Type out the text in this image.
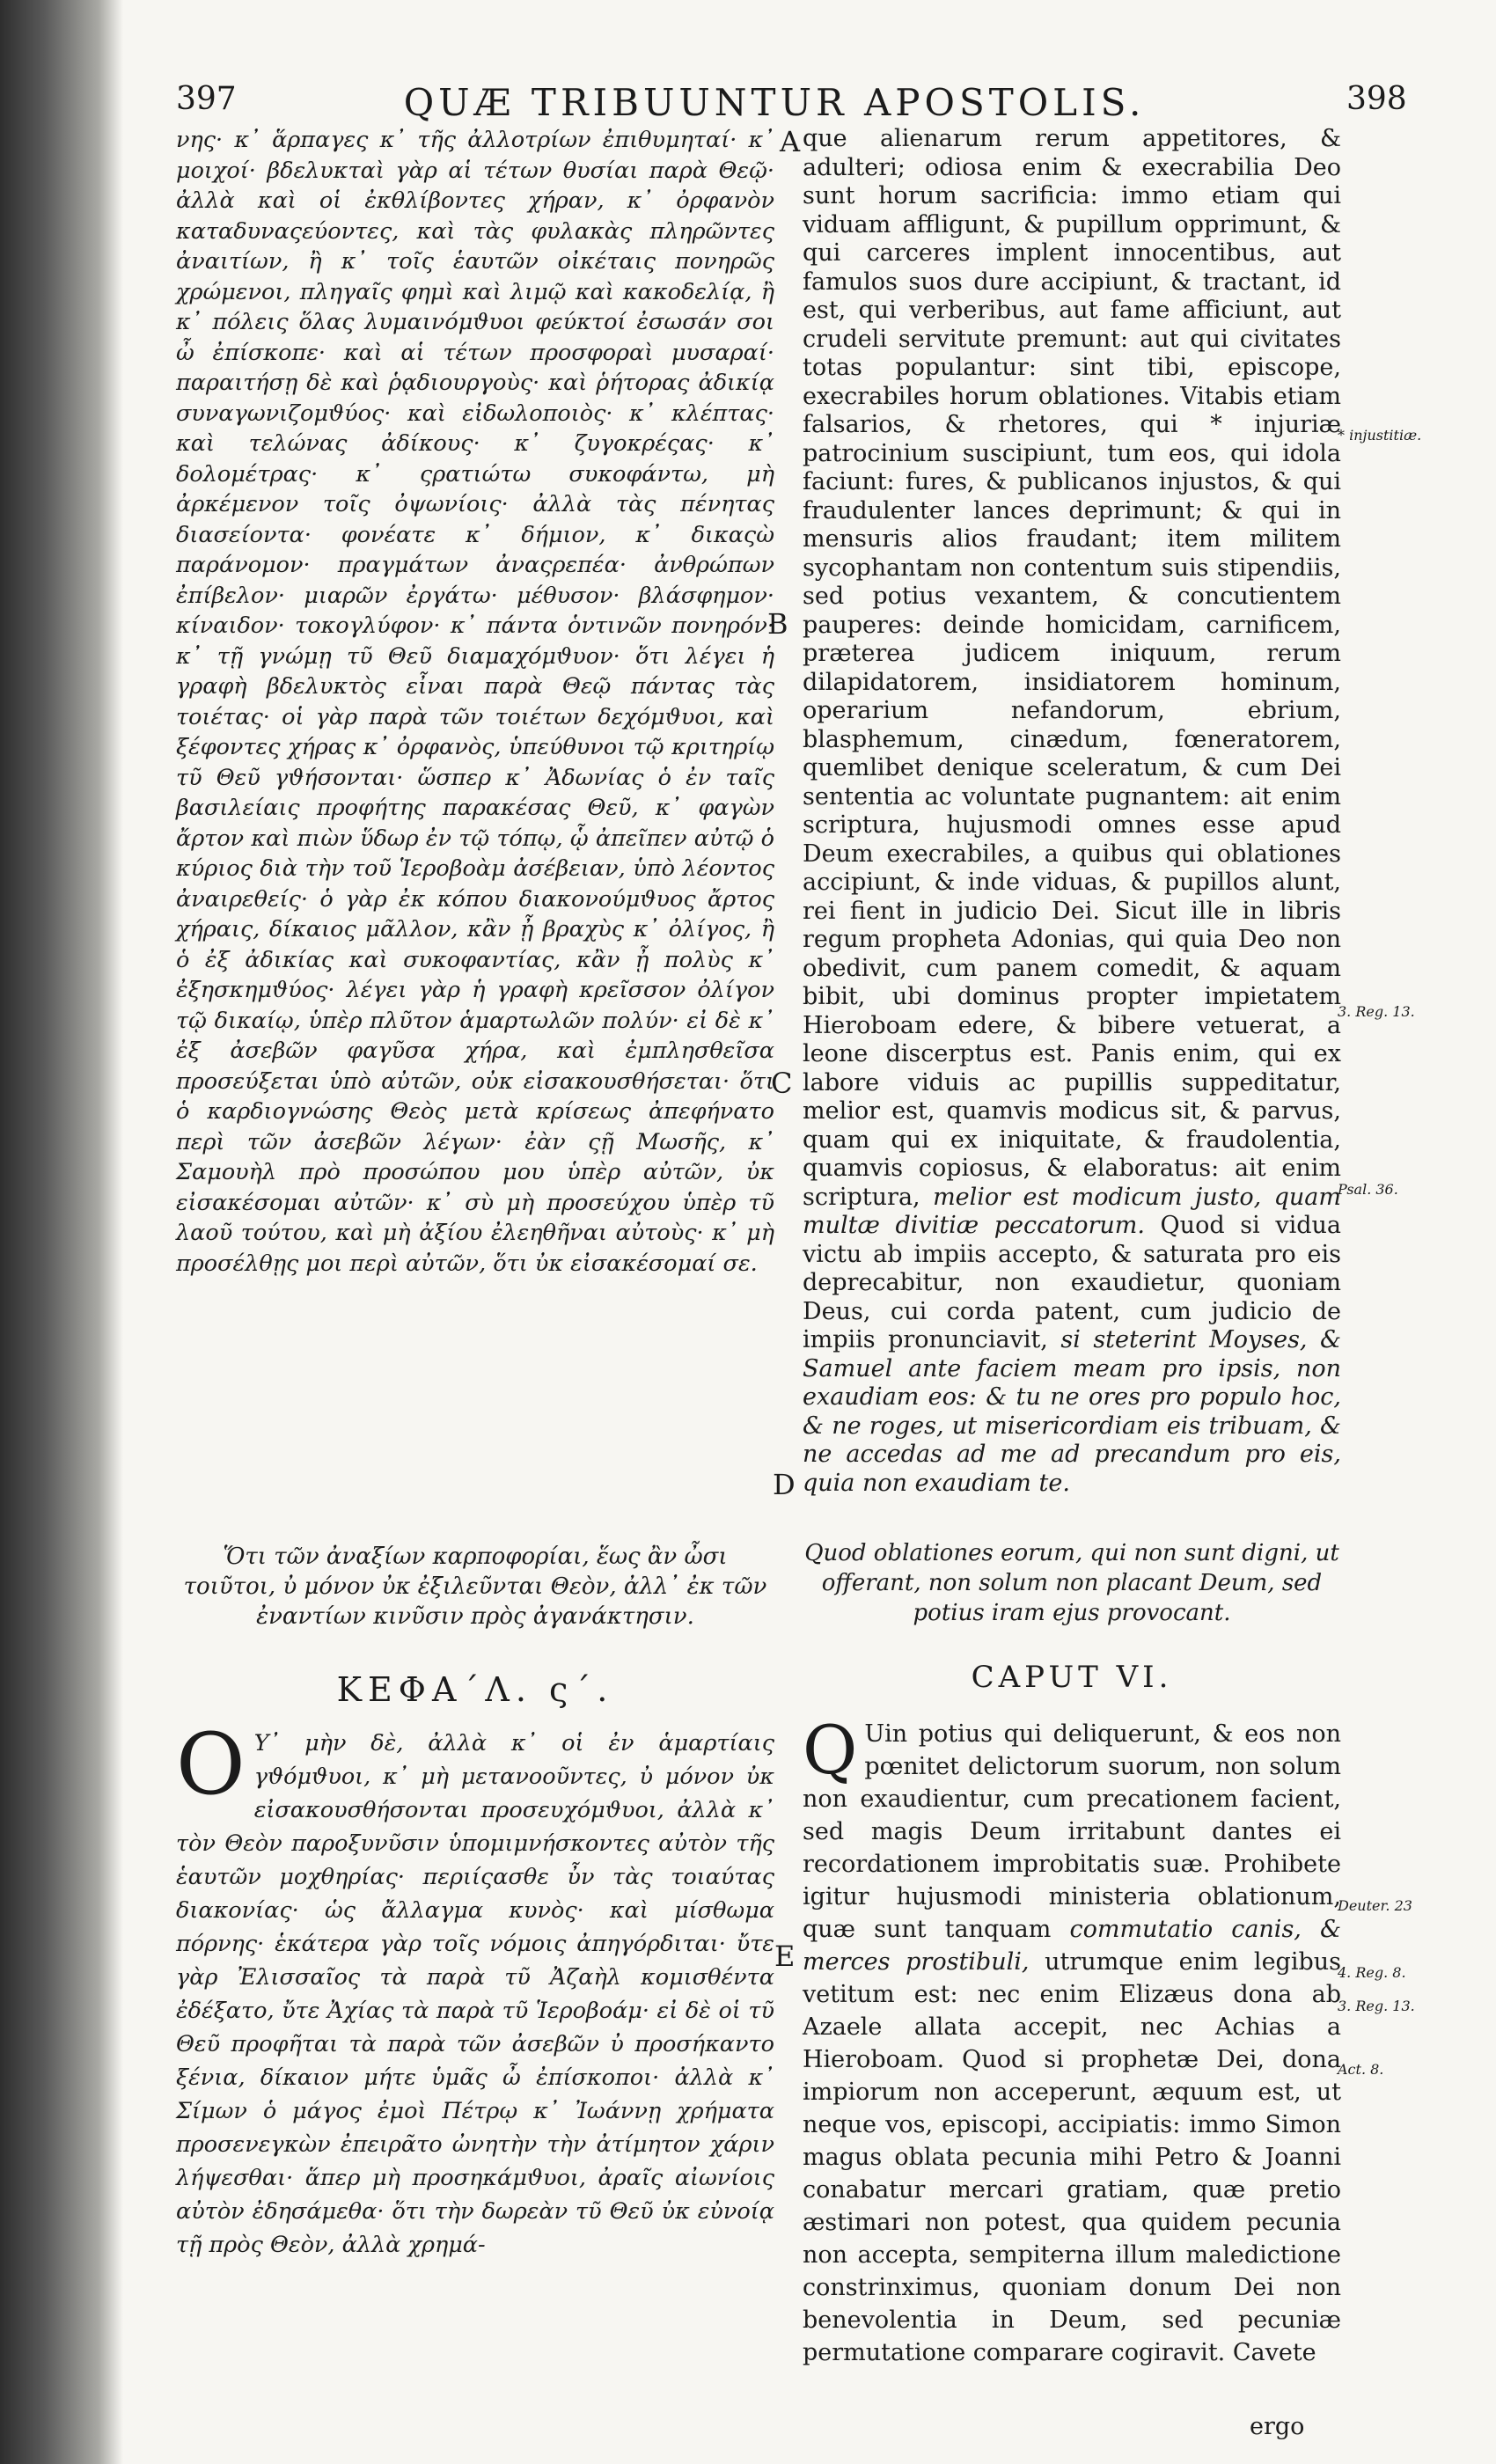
397	QUÆ TRIBUUNTUR APOSTOLIS.	398

νης· κ᾽ ἅρπαγες κ᾽ τῆς ἀλλοτρίων ἐπιθυμηταί· κ᾽ μοιχοί· βδελυκταὶ γὰρ αἱ τέτων θυσίαι παρὰ Θεῷ· ἀλλὰ καὶ οἱ ἐκθλίβοντες χήραν, κ᾽ ὀρφανὸν καταδυναςεύοντες, καὶ τὰς φυλακὰς πληρῶντες ἀναιτίων, ἢ κ᾽ τοῖς ἑαυτῶν οἰκέταις πονηρῶς χρώμενοι, πληγαῖς φημὶ καὶ λιμῷ καὶ κακοδελίᾳ, ἢ κ᾽ πόλεις ὅλας λυμαινόμϑυοι φεύκτοί ἐσωσάν σοι ὦ ἐπίσκοπε· καὶ αἱ τέτων προσφοραὶ μυσαραί· παραιτήσῃ δὲ καὶ ῥᾳδιουργοὺς· καὶ ῥήτορας ἀδικίᾳ συναγωνιζομϑύος· καὶ εἰδωλοποιὸς· κ᾽ κλέπτας· καὶ τελώνας ἀδίκους· κ᾽ ζυγοκρέςας· κ᾽ δολομέτρας· κ᾽ ςρατιώτω συκοφάντω, μὴ ἀρκέμενον τοῖς ὀψωνίοις· ἀλλὰ τὰς πένητας διασείοντα· φονέατε κ᾽ δήμιον, κ᾽ δικαςὼ παράνομον· πραγμάτων ἀναςρεπέα· ἀνθρώπων ἐπίβελον· μιαρῶν ἐργάτω· μέθυσον· βλάσφημον· κίναιδον· τοκογλύφον· κ᾽ πάντα ὁντινῶν πονηρόν· κ᾽ τῇ γνώμῃ τῦ Θεῦ διαμαχόμϑυον· ὅτι λέγει ἡ γραφὴ βδελυκτὸς εἶναι παρὰ Θεῷ πάντας τὰς τοιέτας· οἱ γὰρ παρὰ τῶν τοιέτων δεχόμϑυοι, καὶ ξέφοντες χήρας κ᾽ ὀρφανὸς, ὑπεύθυνοι τῷ κριτηρίῳ τῦ Θεῦ γϑήσονται· ὥσπερ κ᾽ Ἀδωνίας ὁ ἐν ταῖς βασιλείαις προφήτης παρακέσας Θεῦ, κ᾽ φαγὼν ἄρτον καὶ πιὼν ὕδωρ ἐν τῷ τόπῳ, ᾧ ἀπεῖπεν αὐτῷ ὁ κύριος διὰ τὴν τοῦ Ἱεροβοὰμ ἀσέβειαν, ὑπὸ λέοντος ἀναιρεθείς· ὁ γὰρ ἐκ κόπου διακονούμϑυος ἄρτος χήραις, δίκαιος μᾶλλον, κἂν ᾖ βραχὺς κ᾽ ὀλίγος, ἢ ὁ ἐξ ἀδικίας καὶ συκοφαντίας, κἂν ᾖ πολὺς κ᾽ ἐξησκημϑύος· λέγει γὰρ ἡ γραφὴ κρεῖσσον ὀλίγον τῷ δικαίῳ, ὑπὲρ πλῦτον ἁμαρτωλῶν πολύν· εἰ δὲ κ᾽ ἐξ ἀσεβῶν φαγῦσα χήρα, καὶ ἐμπλησθεῖσα προσεύξεται ὑπὸ αὐτῶν, οὐκ εἰσακουσθήσεται· ὅτι ὁ καρδιογνώσης Θεὸς μετὰ κρίσεως ἀπεφήνατο περὶ τῶν ἀσεβῶν λέγων· ἐὰν ςῇ Μωσῆς, κ᾽ Σαμουὴλ πρὸ προσώπου μου ὑπὲρ αὐτῶν, ὐκ εἰσακέσομαι αὐτῶν· κ᾽ σὺ μὴ προσεύχου ὑπὲρ τῦ λαοῦ τούτου, καὶ μὴ ἀξίου ἐλεηθῆναι αὐτοὺς· κ᾽ μὴ προσέλθῃς μοι περὶ αὐτῶν, ὅτι ὐκ εἰσακέσομαί σε.

que alienarum rerum appetitores, & adulteri; odiosa enim & execrabilia Deo sunt horum sacrificia: immo etiam qui viduam affligunt, & pupillum opprimunt, & qui carceres implent innocentibus, aut famulos suos dure accipiunt, & tractant, id est, qui verberibus, aut fame afficiunt, aut crudeli servitute premunt: aut qui civitates totas populantur: sint tibi, episcope, execrabiles horum oblationes. Vitabis etiam falsarios, & rhetores, qui * injuriæ patrocinium suscipiunt, tum eos, qui idola faciunt: fures, & publicanos injustos, & qui fraudulenter lances deprimunt; & qui in mensuris alios fraudant; item militem sycophantam non contentum suis stipendiis, sed potius vexantem, & concutientem pauperes: deinde homicidam, carnificem, præterea judicem iniquum, rerum dilapidatorem, insidiatorem hominum, operarium nefandorum, ebrium, blasphemum, cinædum, fœneratorem, quemlibet denique sceleratum, & cum Dei sententia ac voluntate pugnantem: ait enim scriptura, hujusmodi omnes esse apud Deum execrabiles, a quibus qui oblationes accipiunt, & inde viduas, & pupillos alunt, rei fient in judicio Dei. Sicut ille in libris regum propheta Adonias, qui quia Deo non obedivit, cum panem comedit, & aquam bibit, ubi dominus propter impietatem Hieroboam edere, & bibere vetuerat, a leone discerptus est. Panis enim, qui ex labore viduis ac pupillis suppeditatur, melior est, quamvis modicus sit, & parvus, quam qui ex iniquitate, & fraudolentia, quamvis copiosus, & elaboratus: ait enim scriptura, melior est modicum justo, quam multæ divitiæ peccatorum. Quod si vidua victu ab impiis accepto, & saturata pro eis deprecabitur, non exaudietur, quoniam Deus, cui corda patent, cum judicio de impiis pronunciavit, si steterint Moyses, & Samuel ante faciem meam pro ipsis, non exaudiam eos: & tu ne ores pro populo hoc, & ne roges, ut misericordiam eis tribuam, & ne accedas ad me ad precandum pro eis, quia non exaudiam te.

A
B
C
D
E
* injustitiæ.
3. Reg. 13.
Psal. 36.
Deuter. 23
4. Reg. 8.
3. Reg. 13.
Act. 8.
Ὅτι τῶν ἀναξίων καρποφορίαι, ἕως ἂν ὦσι τοιῦτοι, ὐ μόνον ὐκ ἐξιλεῦνται Θεὸν, ἀλλ᾽ ἐκ τῶν ἐναντίων κινῦσιν πρὸς ἀγανάκτησιν.
ΚΕΦΑ´Λ. ς´.

Ο Υ᾽ μὴν δὲ, ἀλλὰ κ᾽ οἱ ἐν ἁμαρτίαις γϑόμϑυοι, κ᾽ μὴ μετανοοῦντες, ὐ μόνον ὐκ εἰσακουσθήσονται προσευχόμϑυοι, ἀλλὰ κ᾽ τὸν Θεὸν παροξυνῦσιν ὑπομιμνήσκοντες αὐτὸν τῆς ἑαυτῶν μοχθηρίας· περιίςασθε ὖν τὰς τοιαύτας διακονίας· ὡς ἄλλαγμα κυνὸς· καὶ μίσθωμα πόρνης· ἑκάτερα γὰρ τοῖς νόμοις ἀπηγόρδιται· ὔτε γὰρ Ἐλισσαῖος τὰ παρὰ τῦ Ἀζαὴλ κομισθέντα ἐδέξατο, ὔτε Ἀχίας τὰ παρὰ τῦ Ἱεροβοάμ· εἰ δὲ οἱ τῦ Θεῦ προφῆται τὰ παρὰ τῶν ἀσεβῶν ὐ προσήκαντο ξένια, δίκαιον μήτε ὑμᾶς ὦ ἐπίσκοποι· ἀλλὰ κ᾽ Σίμων ὁ μάγος ἐμοὶ Πέτρῳ κ᾽ Ἰωάννῃ χρήματα προσενεγκὼν ἐπειρᾶτο ὠνητὴν τὴν ἀτίμητον χάριν λήψεσθαι· ἅπερ μὴ προσηκάμϑυοι, ἀραῖς αἰωνίοις αὐτὸν ἐδησάμεθα· ὅτι τὴν δωρεὰν τῦ Θεῦ ὐκ εὐνοίᾳ τῇ πρὸς Θεὸν, ἀλλὰ χρημά-

Quod oblationes eorum, qui non sunt digni, ut offerant, non solum non placant Deum, sed potius iram ejus provocant.
CAPUT VI.

Q Uin potius qui deliquerunt, & eos non pœnitet delictorum suorum, non solum non exaudientur, cum precationem facient, sed magis Deum irritabunt dantes ei recordationem improbitatis suæ. Prohibete igitur hujusmodi ministeria oblationum, quæ sunt tanquam commutatio canis, & merces prostibuli, utrumque enim legibus vetitum est: nec enim Elizæus dona ab Azaele allata accepit, nec Achias a Hieroboam. Quod si prophetæ Dei, dona impiorum non acceperunt, æquum est, ut neque vos, episcopi, accipiatis: immo Simon magus oblata pecunia mihi Petro & Joanni conabatur mercari gratiam, quæ pretio æstimari non potest, qua quidem pecunia non accepta, sempiterna illum maledictione constrinximus, quoniam donum Dei non benevolentia in Deum, sed pecuniæ permutatione comparare cogiravit. Cavete

ergo
